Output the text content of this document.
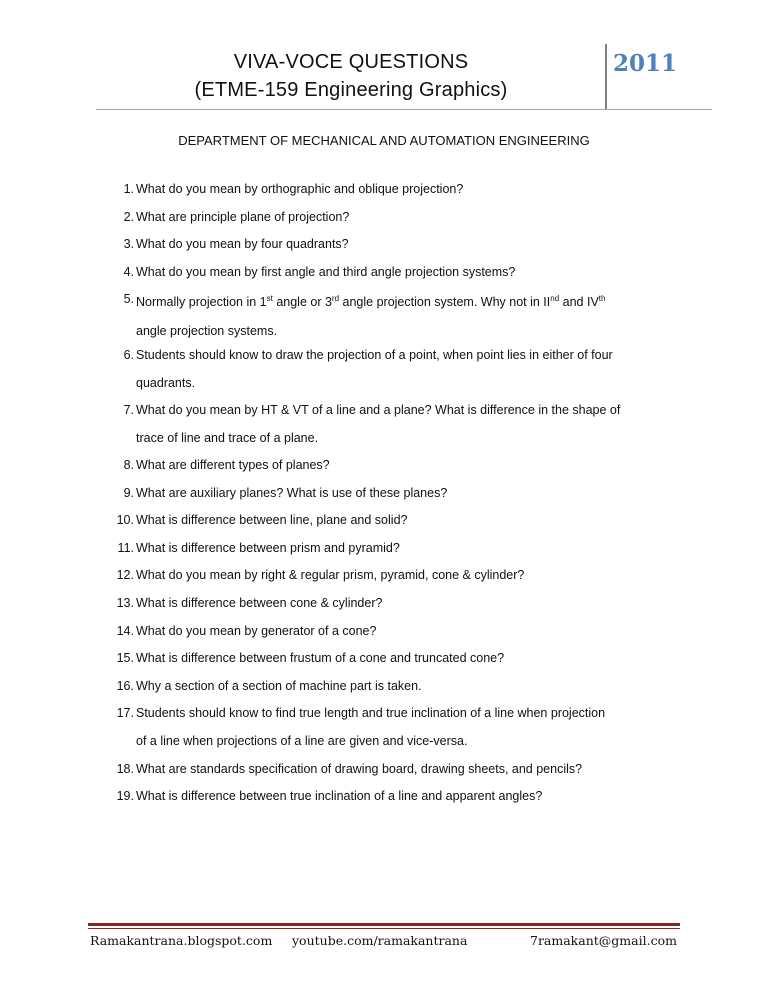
VIVA-VOCE QUESTIONS
(ETME-159 Engineering Graphics)
2011
DEPARTMENT OF MECHANICAL AND AUTOMATION ENGINEERING
1. What do you mean by orthographic and oblique projection?
2. What are principle plane of projection?
3. What do you mean by four quadrants?
4. What do you mean by first angle and third angle projection systems?
5. Normally projection in 1st angle or 3rd angle projection system. Why not in IInd and IVth
angle projection systems.
6. Students should know to draw the projection of a point, when point lies in either of four
quadrants.
7. What do you mean by HT & VT of a line and a plane? What is difference in the shape of
trace of line and trace of a plane.
8. What are different types of planes?
9. What are auxiliary planes? What is use of these planes?
10. What is difference between line, plane and solid?
11. What is difference between prism and pyramid?
12. What do you mean by right & regular prism, pyramid, cone & cylinder?
13. What is difference between cone & cylinder?
14. What do you mean by generator of a cone?
15. What is difference between frustum of a cone and truncated cone?
16. Why a section of a section of machine part is taken.
17. Students should know to find true length and true inclination of a line when projection
of a line when projections of a line are given and vice-versa.
18. What are standards specification of drawing board, drawing sheets, and pencils?
19. What is difference between true inclination of a line and apparent angles?
Ramakantrana.blogspot.com youtube.com/ramakantrana	7ramakant@gmail.com
